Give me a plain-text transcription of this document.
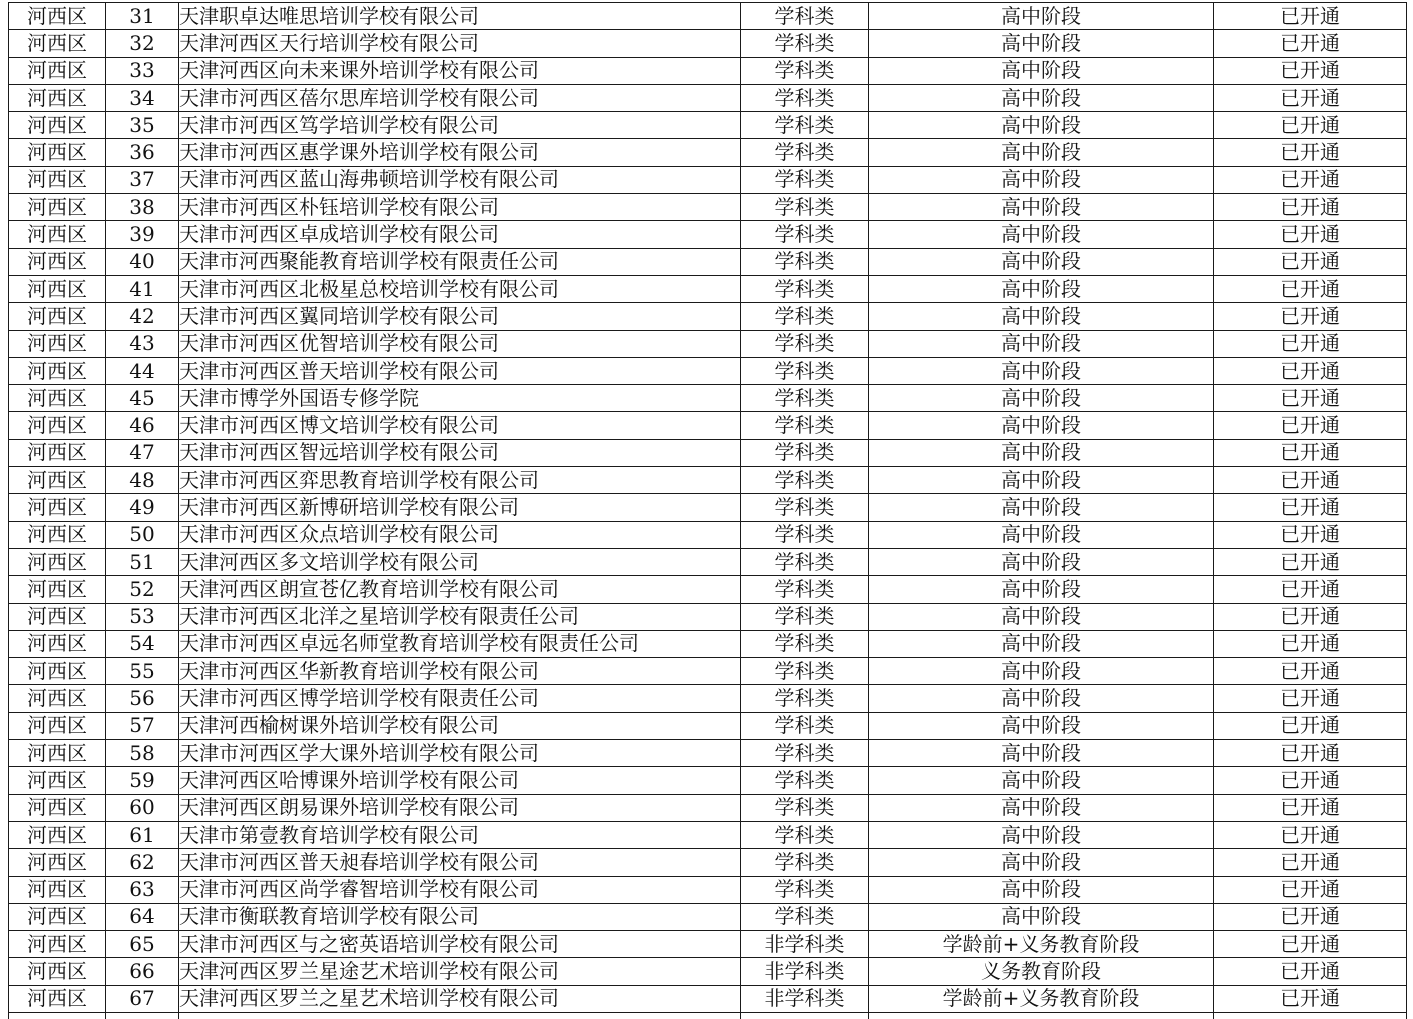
河西区	31	天津职卓达唯思培训学校有限公司	学科类	高中阶段	已开通
河西区	32	天津河西区天行培训学校有限公司	学科类	高中阶段	已开通
河西区	33	天津河西区向未来课外培训学校有限公司	学科类	高中阶段	已开通
河西区	34	天津市河西区蓓尔思库培训学校有限公司	学科类	高中阶段	已开通
河西区	35	天津市河西区笃学培训学校有限公司	学科类	高中阶段	已开通
河西区	36	天津市河西区惠学课外培训学校有限公司	学科类	高中阶段	已开通
河西区	37	天津市河西区蓝山海弗顿培训学校有限公司	学科类	高中阶段	已开通
河西区	38	天津市河西区朴钰培训学校有限公司	学科类	高中阶段	已开通
河西区	39	天津市河西区卓成培训学校有限公司	学科类	高中阶段	已开通
河西区	40	天津市河西聚能教育培训学校有限责任公司	学科类	高中阶段	已开通
河西区	41	天津市河西区北极星总校培训学校有限公司	学科类	高中阶段	已开通
河西区	42	天津市河西区翼同培训学校有限公司	学科类	高中阶段	已开通
河西区	43	天津市河西区优智培训学校有限公司	学科类	高中阶段	已开通
河西区	44	天津市河西区普天培训学校有限公司	学科类	高中阶段	已开通
河西区	45	天津市博学外国语专修学院	学科类	高中阶段	已开通
河西区	46	天津市河西区博文培训学校有限公司	学科类	高中阶段	已开通
河西区	47	天津市河西区智远培训学校有限公司	学科类	高中阶段	已开通
河西区	48	天津市河西区弈思教育培训学校有限公司	学科类	高中阶段	已开通
河西区	49	天津市河西区新博研培训学校有限公司	学科类	高中阶段	已开通
河西区	50	天津市河西区众点培训学校有限公司	学科类	高中阶段	已开通
河西区	51	天津河西区多文培训学校有限公司	学科类	高中阶段	已开通
河西区	52	天津河西区朗宣苍亿教育培训学校有限公司	学科类	高中阶段	已开通
河西区	53	天津市河西区北洋之星培训学校有限责任公司	学科类	高中阶段	已开通
河西区	54	天津市河西区卓远名师堂教育培训学校有限责任公司	学科类	高中阶段	已开通
河西区	55	天津市河西区华新教育培训学校有限公司	学科类	高中阶段	已开通
河西区	56	天津市河西区博学培训学校有限责任公司	学科类	高中阶段	已开通
河西区	57	天津河西榆树课外培训学校有限公司	学科类	高中阶段	已开通
河西区	58	天津市河西区学大课外培训学校有限公司	学科类	高中阶段	已开通
河西区	59	天津河西区哈博课外培训学校有限公司	学科类	高中阶段	已开通
河西区	60	天津河西区朗易课外培训学校有限公司	学科类	高中阶段	已开通
河西区	61	天津市第壹教育培训学校有限公司	学科类	高中阶段	已开通
河西区	62	天津市河西区普天昶春培训学校有限公司	学科类	高中阶段	已开通
河西区	63	天津市河西区尚学睿智培训学校有限公司	学科类	高中阶段	已开通
河西区	64	天津市衡联教育培训学校有限公司	学科类	高中阶段	已开通
河西区	65	天津市河西区与之密英语培训学校有限公司	非学科类	学龄前+义务教育阶段	已开通
河西区	66	天津河西区罗兰星途艺术培训学校有限公司	非学科类	义务教育阶段	已开通
河西区	67	天津河西区罗兰之星艺术培训学校有限公司	非学科类	学龄前+义务教育阶段	已开通
